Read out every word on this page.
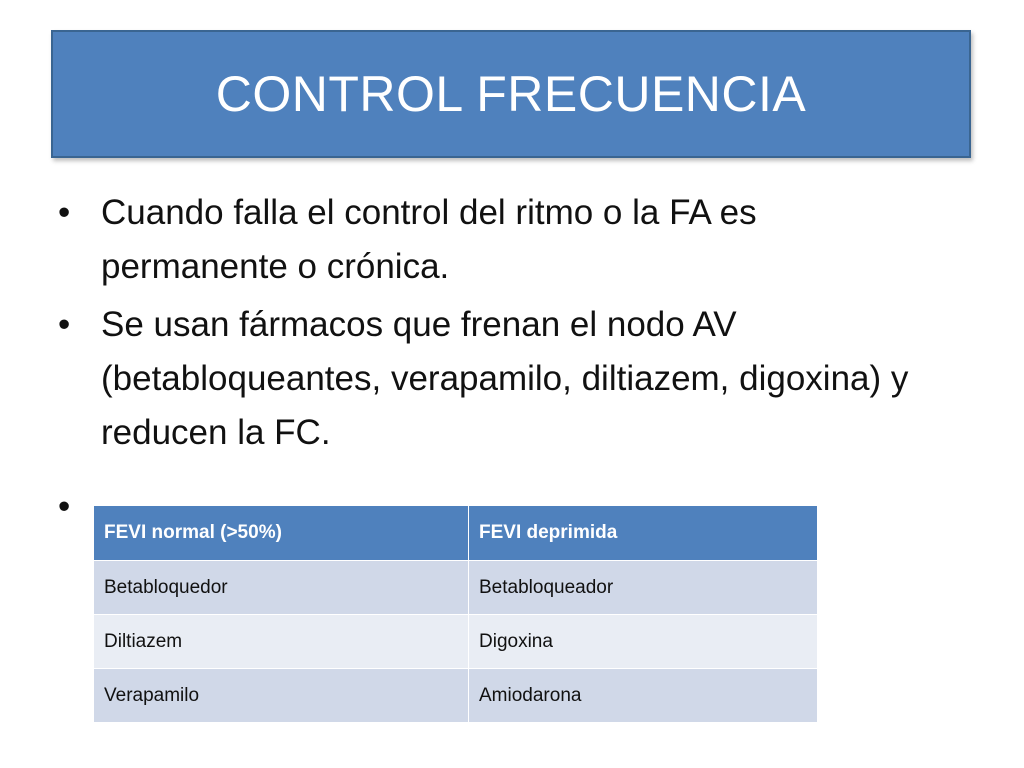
CONTROL FRECUENCIA
• Cuando falla el control del ritmo o la FA es permanente o crónica.
• Se usan fármacos que frenan el nodo AV (betabloqueantes, verapamilo, diltiazem, digoxina) y reducen la FC.
•
FEVI normal (>50%)	FEVI deprimida
Betabloquedor	Betabloqueador
Diltiazem	Digoxina
Verapamilo	Amiodarona
